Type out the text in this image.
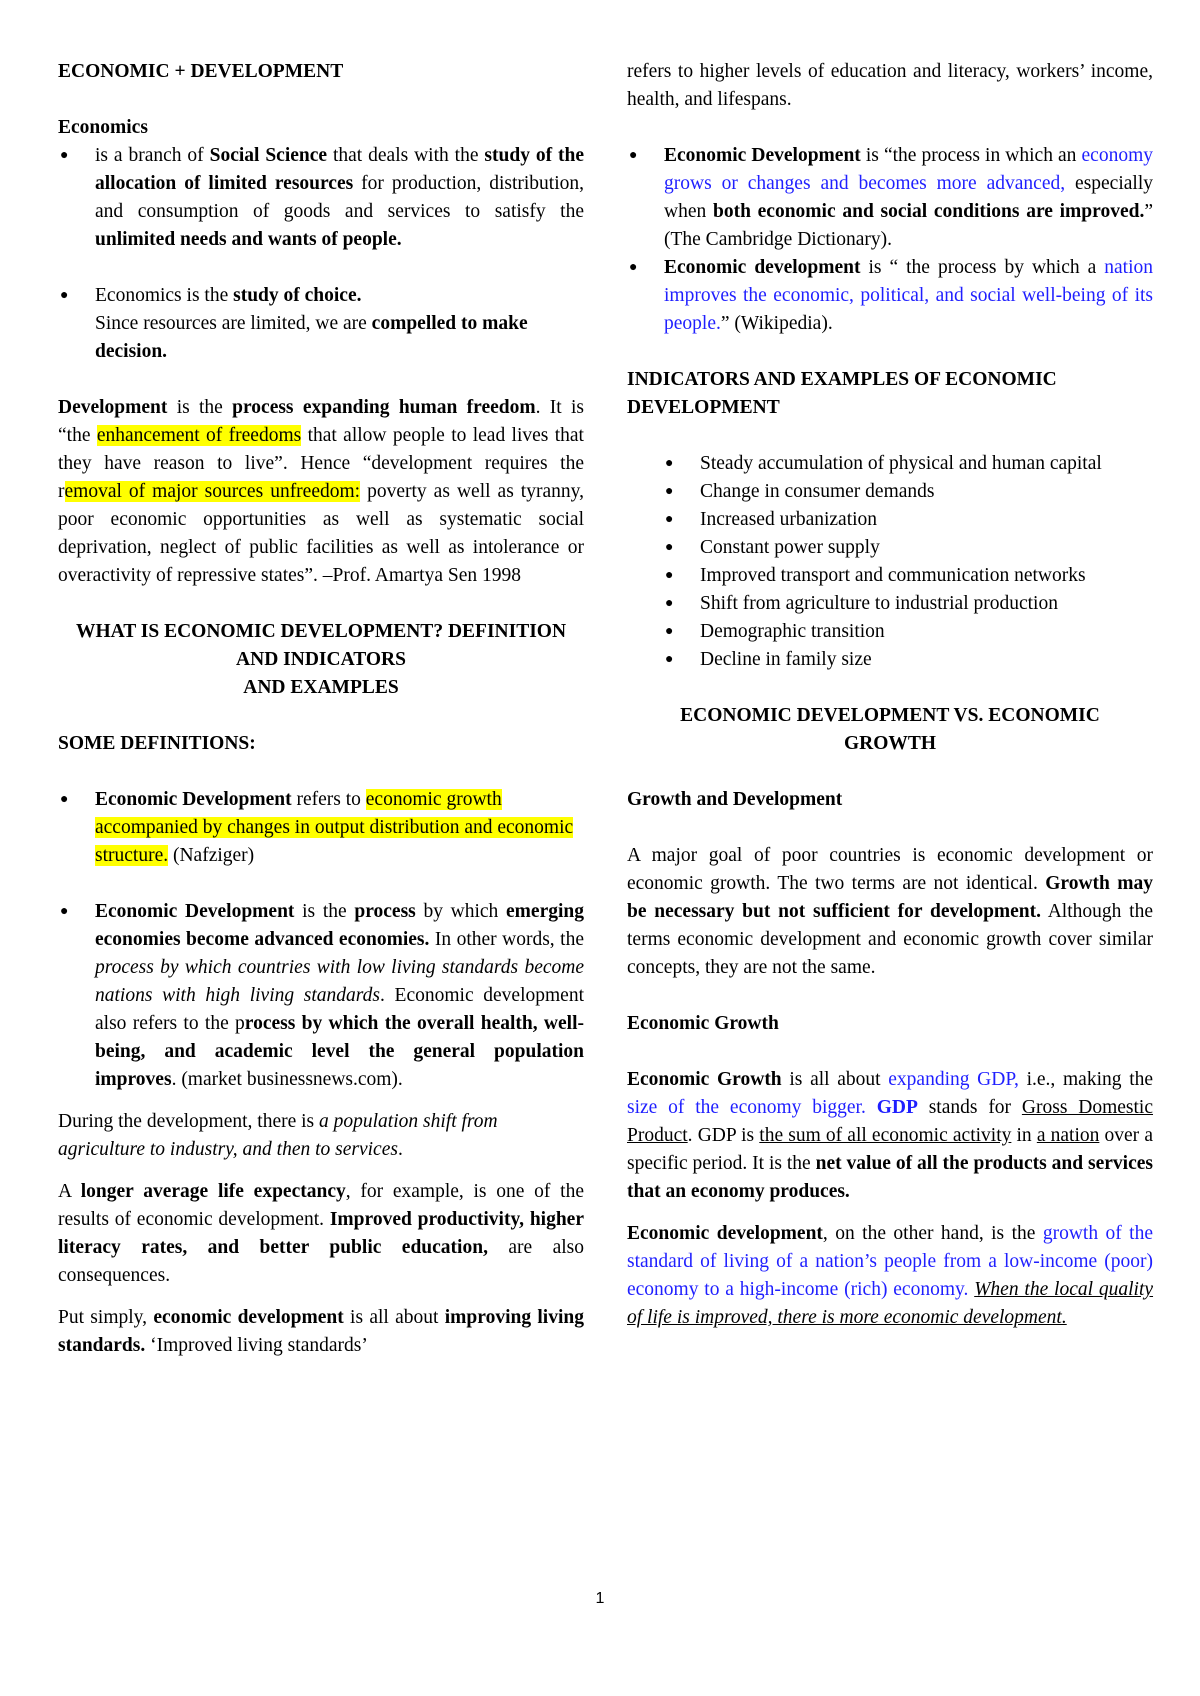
ECONOMIC + DEVELOPMENT

Economics

● is a branch of Social Science that deals with the study of the allocation of limited resources for production, distribution, and consumption of goods and services to satisfy the unlimited needs and wants of people.
● Economics is the study of choice.
Since resources are limited, we are compelled to make decision.

Development is the process expanding human freedom. It is “the enhancement of freedoms that allow people to lead lives that they have reason to live”. Hence “development requires the removal of major sources unfreedom: poverty as well as tyranny, poor economic opportunities as well as systematic social deprivation, neglect of public facilities as well as intolerance or overactivity of repressive states”. –Prof. Amartya Sen 1998

WHAT IS ECONOMIC DEVELOPMENT? DEFINITION AND INDICATORS

AND EXAMPLES

SOME DEFINITIONS:

● Economic Development refers to economic growth accompanied by changes in output distribution and economic structure. (Nafziger)
● Economic Development is the process by which emerging economies become advanced economies. In other words, the process by which countries with low living standards become nations with high living standards. Economic development also refers to the process by which the overall health, well-being, and academic level the general population improves. (market businessnews.com).

During the development, there is a population shift from agriculture to industry, and then to services.

A longer average life expectancy, for example, is one of the results of economic development. Improved productivity, higher literacy rates, and better public education, are also consequences.

Put simply, economic development is all about improving living standards. ‘Improved living standards’

refers to higher levels of education and literacy, workers’ income, health, and lifespans.

● Economic Development is “the process in which an economy grows or changes and becomes more advanced, especially when both economic and social conditions are improved.” (The Cambridge Dictionary).
● Economic development is “ the process by which a nation improves the economic, political, and social well-being of its people.” (Wikipedia).

INDICATORS AND EXAMPLES OF ECONOMIC DEVELOPMENT

● Steady accumulation of physical and human capital
● Change in consumer demands
● Increased urbanization
● Constant power supply
● Improved transport and communication networks
● Shift from agriculture to industrial production
● Demographic transition
● Decline in family size

ECONOMIC DEVELOPMENT VS. ECONOMIC

GROWTH

Growth and Development

A major goal of poor countries is economic development or economic growth. The two terms are not identical. Growth may be necessary but not sufficient for development. Although the terms economic development and economic growth cover similar concepts, they are not the same.

Economic Growth

Economic Growth is all about expanding GDP, i.e., making the size of the economy bigger. GDP stands for Gross Domestic Product. GDP is the sum of all economic activity in a nation over a specific period. It is the net value of all the products and services that an economy produces.

Economic development, on the other hand, is the growth of the standard of living of a nation’s people from a low-income (poor) economy to a high-income (rich) economy. When the local quality of life is improved, there is more economic development.

1
